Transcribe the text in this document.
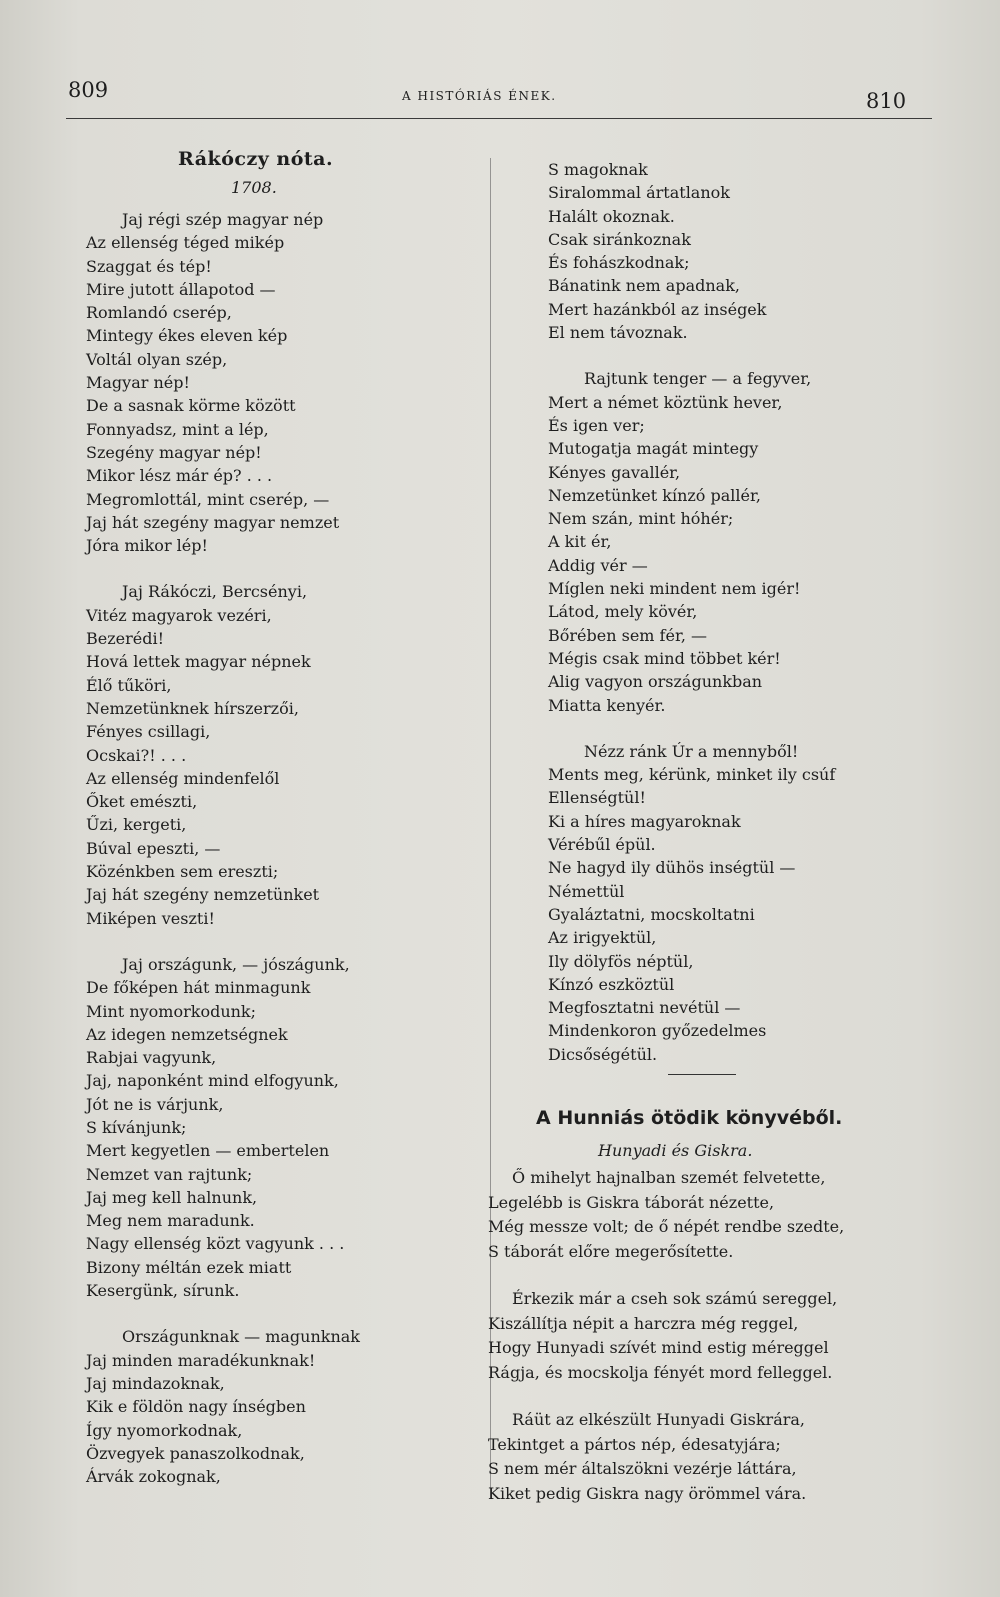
809	A HISTÓRIÁS ÉNEK.	810
Rákóczy nóta.
1708.
Jaj régi szép magyar nép
Az ellenség téged mikép
Szaggat és tép!
Mire jutott állapotod —
Romlandó cserép,
Mintegy ékes eleven kép
Voltál olyan szép,
Magyar nép!
De a sasnak körme között
Fonnyadsz, mint a lép,
Szegény magyar nép!
Mikor lész már ép? . . .
Megromlottál, mint cserép, —
Jaj hát szegény magyar nemzet
Jóra mikor lép!
Jaj Rákóczi, Bercsényi,
Vitéz magyarok vezéri,
Bezerédi!
Hová lettek magyar népnek
Élő tűköri,
Nemzetünknek hírszerzői,
Fényes csillagi,
Ocskai?! . . .
Az ellenség mindenfelől
Őket emészti,
Űzi, kergeti,
Búval epeszti, —
Közénkben sem ereszti;
Jaj hát szegény nemzetünket
Miképen veszti!
Jaj országunk, — jószágunk,
De főképen hát minmagunk
Mint nyomorkodunk;
Az idegen nemzetségnek
Rabjai vagyunk,
Jaj, naponként mind elfogyunk,
Jót ne is várjunk,
S kívánjunk;
Mert kegyetlen — embertelen
Nemzet van rajtunk;
Jaj meg kell halnunk,
Meg nem maradunk.
Nagy ellenség közt vagyunk . . .
Bizony méltán ezek miatt
Kesergünk, sírunk.
Országunknak — magunknak
Jaj minden maradékunknak!
Jaj mindazoknak,
Kik e földön nagy ínségben
Így nyomorkodnak,
Özvegyek panaszolkodnak,
Árvák zokognak,
S magoknak
Siralommal ártatlanok
Halált okoznak.
Csak siránkoznak
És fohászkodnak;
Bánatink nem apadnak,
Mert hazánkból az inségek
El nem távoznak.
Rajtunk tenger — a fegyver,
Mert a német köztünk hever,
És igen ver;
Mutogatja magát mintegy
Kényes gavallér,
Nemzetünket kínzó pallér,
Nem szán, mint hóhér;
A kit ér,
Addig vér —
Míglen neki mindent nem igér!
Látod, mely kövér,
Bőrében sem fér, —
Mégis csak mind többet kér!
Alig vagyon országunkban
Miatta kenyér.
Nézz ránk Úr a mennyből!
Ments meg, kérünk, minket ily csúf
Ellenségtül!
Ki a híres magyaroknak
Vérébűl épül.
Ne hagyd ily dühös inségtül —
Némettül
Gyaláztatni, mocskoltatni
Az irigyektül,
Ily dölyfös néptül,
Kínzó eszköztül
Megfosztatni nevétül —
Mindenkoron győzedelmes
Dicsőségétül.
A Hunniás ötödik könyvéből.
Hunyadi és Giskra.
Ő mihelyt hajnalban szemét felvetette,
Legelébb is Giskra táborát nézette,
Még messze volt; de ő népét rendbe szedte,
S táborát előre megerősítette.
Érkezik már a cseh sok számú sereggel,
Kiszállítja népit a harczra még reggel,
Hogy Hunyadi szívét mind estig méreggel
Rágja, és mocskolja fényét mord felleggel.
Ráüt az elkészült Hunyadi Giskrára,
Tekintget a pártos nép, édesatyjára;
S nem mér általszökni vezérje láttára,
Kiket pedig Giskra nagy örömmel vára.
